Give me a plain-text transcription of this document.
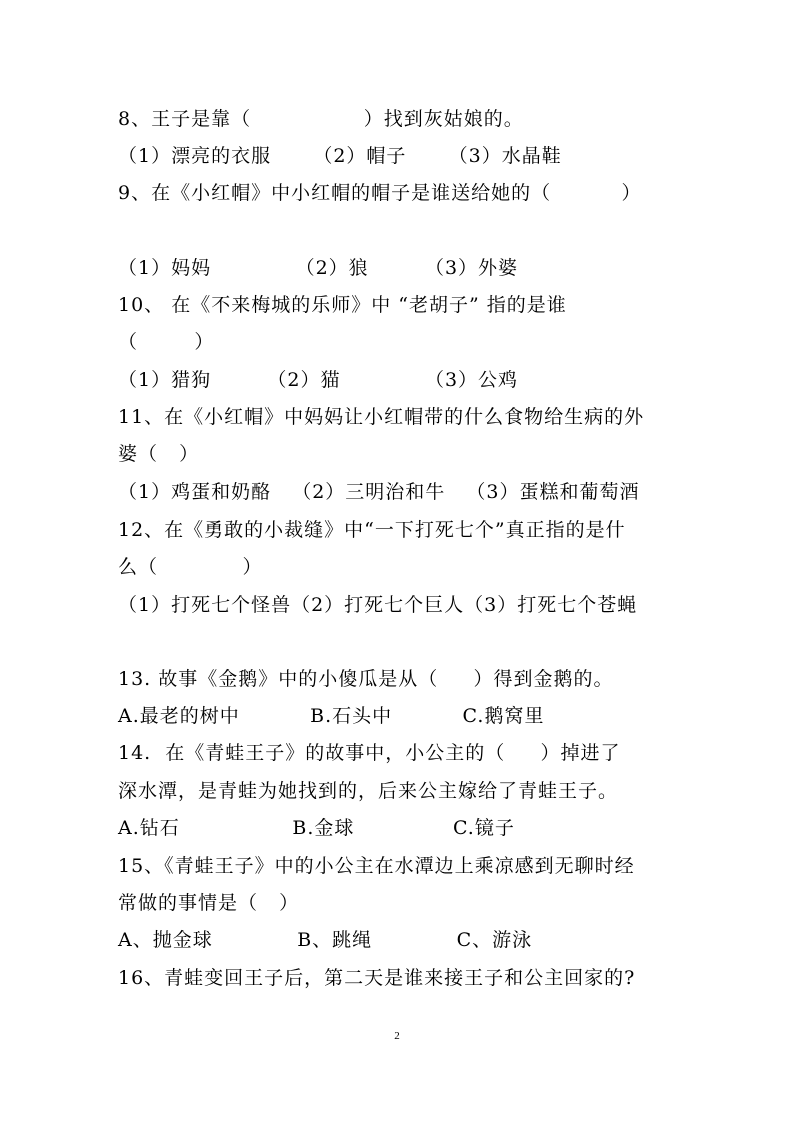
8、王子是靠（                ）找到灰姑娘的。
（1）漂亮的衣服      （2）帽子      （3）水晶鞋
9、在《小红帽》中小红帽的帽子是谁送给她的（          ）
（1）妈妈            （2）狼        （3）外婆
10、 在《不来梅城的乐师》中 “老胡子” 指的是谁
（        ）
（1）猎狗        （2）猫            （3）公鸡
11、在《小红帽》中妈妈让小红帽带的什么食物给生病的外
婆（   ）
（1）鸡蛋和奶酪   （2）三明治和牛   （3）蛋糕和葡萄酒
12、在《勇敢的小裁缝》中“一下打死七个”真正指的是什
么（            ）
（1）打死七个怪兽（2）打死七个巨人（3）打死七个苍蝇
13. 故事《金鹅》中的小傻瓜是从（     ）得到金鹅的。
A.最老的树中          B.石头中          C.鹅窝里
14.  在《青蛙王子》的故事中，小公主的（     ）掉进了
深水潭，是青蛙为她找到的，后来公主嫁给了青蛙王子。
A.钻石                B.金球              C.镜子
15、《青蛙王子》中的小公主在水潭边上乘凉感到无聊时经
常做的事情是（   ）
A、抛金球            B、跳绳            C、游泳
16、青蛙变回王子后，第二天是谁来接王子和公主回家的?
2
